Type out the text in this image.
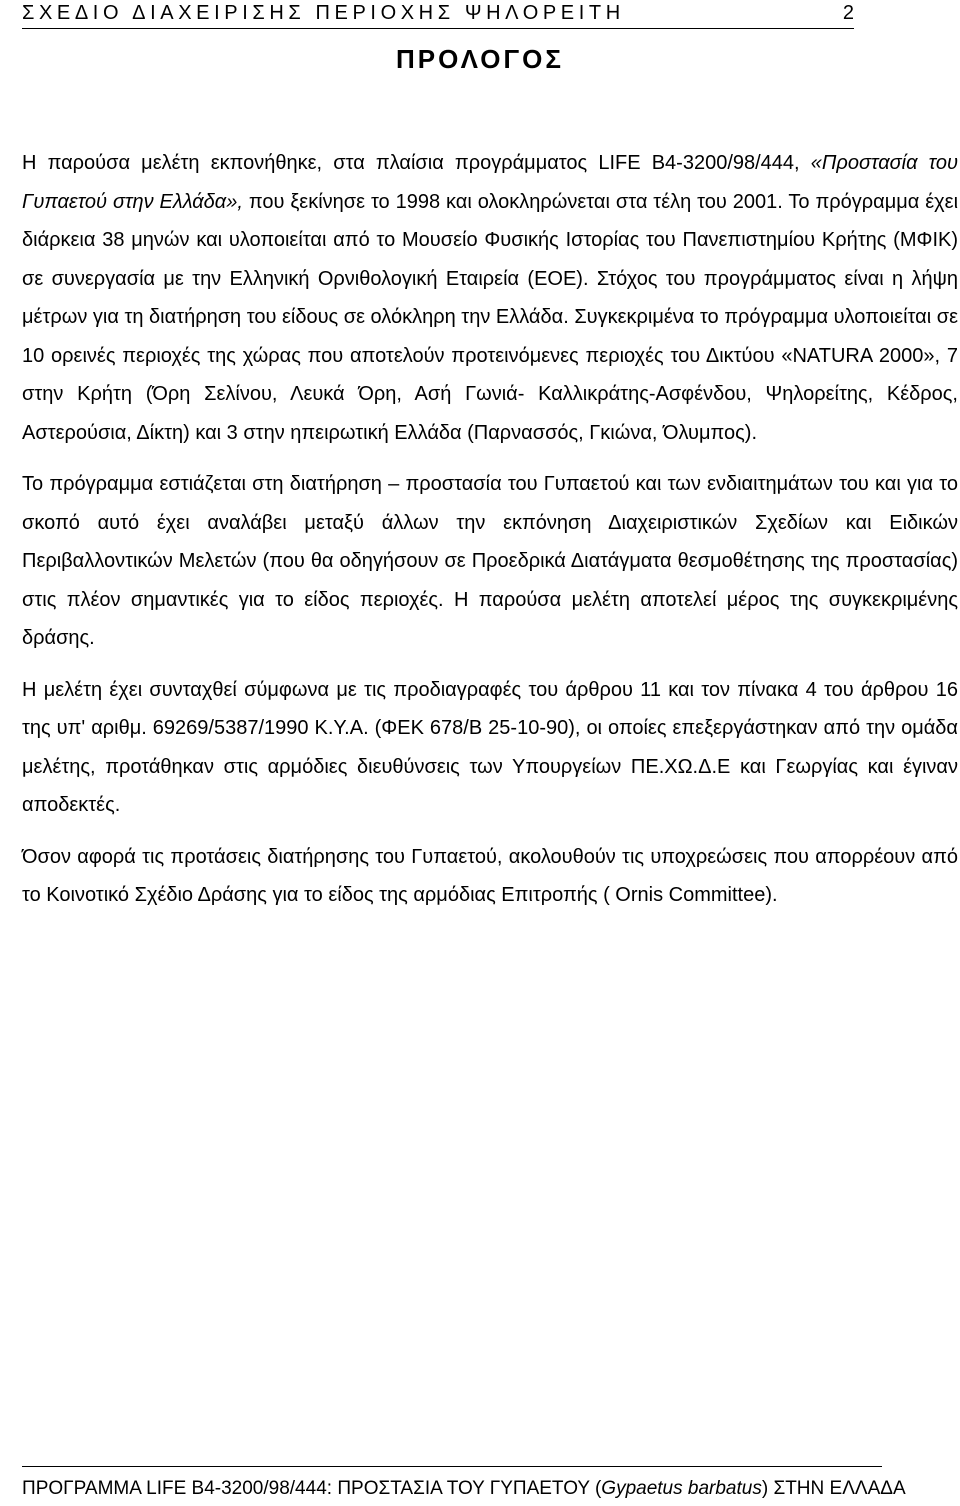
ΣΧΕΔΙΟ ΔΙΑΧΕΙΡΙΣΗΣ ΠΕΡΙΟΧΗΣ ΨΗΛΟΡΕΙΤΗ	2
ΠΡΟΛΟΓΟΣ

Η παρούσα μελέτη εκπονήθηκε, στα πλαίσια προγράμματος LIFE B4-3200/98/444, «Προστασία του Γυπαετού στην Ελλάδα», που ξεκίνησε το 1998 και ολοκληρώνεται στα τέλη του 2001. Το πρόγραμμα έχει διάρκεια 38 μηνών και υλοποιείται από το Μουσείο Φυσικής Ιστορίας του Πανεπιστημίου Κρήτης (ΜΦΙΚ) σε συνεργασία με την Ελληνική Ορνιθολογική Εταιρεία (ΕΟΕ). Στόχος του προγράμματος είναι η λήψη μέτρων για τη διατήρηση του είδους σε ολόκληρη την Ελλάδα. Συγκεκριμένα το πρόγραμμα υλοποιείται σε 10 ορεινές περιοχές της χώρας που αποτελούν προτεινόμενες περιοχές του Δικτύου «NATURA 2000», 7 στην Κρήτη (Όρη Σελίνου, Λευκά Όρη, Ασή Γωνιά- Καλλικράτης-Ασφένδου, Ψηλορείτης, Κέδρος, Αστερούσια, Δίκτη) και 3 στην ηπειρωτική Ελλάδα (Παρνασσός, Γκιώνα, Όλυμπος).

Το πρόγραμμα εστιάζεται στη διατήρηση – προστασία του Γυπαετού και των ενδιαιτημάτων του και για το σκοπό αυτό έχει αναλάβει μεταξύ άλλων την εκπόνηση Διαχειριστικών Σχεδίων και Ειδικών Περιβαλλοντικών Μελετών (που θα οδηγήσουν σε Προεδρικά Διατάγματα θεσμοθέτησης της προστασίας) στις πλέον σημαντικές για το είδος περιοχές. Η παρούσα μελέτη αποτελεί μέρος της συγκεκριμένης δράσης.

Η μελέτη έχει συνταχθεί σύμφωνα με τις προδιαγραφές του άρθρου 11 και τον πίνακα 4 του άρθρου 16 της υπ' αριθμ. 69269/5387/1990 Κ.Υ.Α. (ΦΕΚ 678/Β 25-10-90), οι οποίες επεξεργάστηκαν από την ομάδα μελέτης, προτάθηκαν στις αρμόδιες διευθύνσεις των Υπουργείων ΠΕ.ΧΩ.Δ.Ε και Γεωργίας και έγιναν αποδεκτές.

Όσον αφορά τις προτάσεις διατήρησης του Γυπαετού, ακολουθούν τις υποχρεώσεις που απορρέουν από το Κοινοτικό Σχέδιο Δράσης για το είδος της αρμόδιας Επιτροπής ( Ornis Committee).

ΠΡΟΓΡΑΜΜΑ LIFE B4-3200/98/444: ΠΡΟΣΤΑΣΙΑ ΤΟΥ ΓΥΠΑΕΤΟΥ (Gypaetus barbatus) ΣΤΗΝ ΕΛΛΑΔΑ
